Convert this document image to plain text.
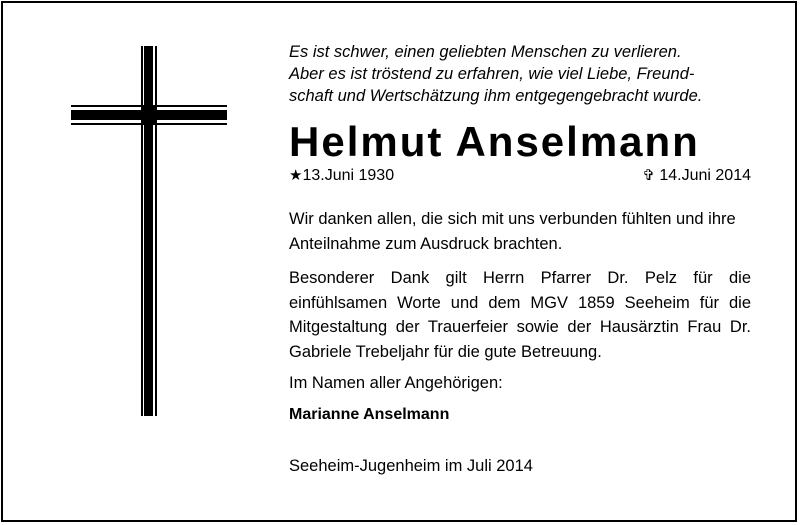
Es ist schwer, einen geliebten Menschen zu verlieren.
Aber es ist tröstend zu erfahren, wie viel Liebe, Freund-
schaft und Wertschätzung ihm entgegengebracht wurde.
Helmut Anselmann
★13.Juni 1930	✞ 14.Juni 2014
Wir danken allen, die sich mit uns verbunden fühlten und ihre Anteilnahme zum Ausdruck brachten.
Besonderer Dank gilt Herrn Pfarrer Dr. Pelz für die einfühlsamen Worte und dem MGV 1859 Seeheim für die Mitgestaltung der Trauerfeier sowie der Hausärztin Frau Dr. Gabriele Trebeljahr für die gute Betreuung.
Im Namen aller Angehörigen:
Marianne Anselmann
Seeheim-Jugenheim im Juli 2014
